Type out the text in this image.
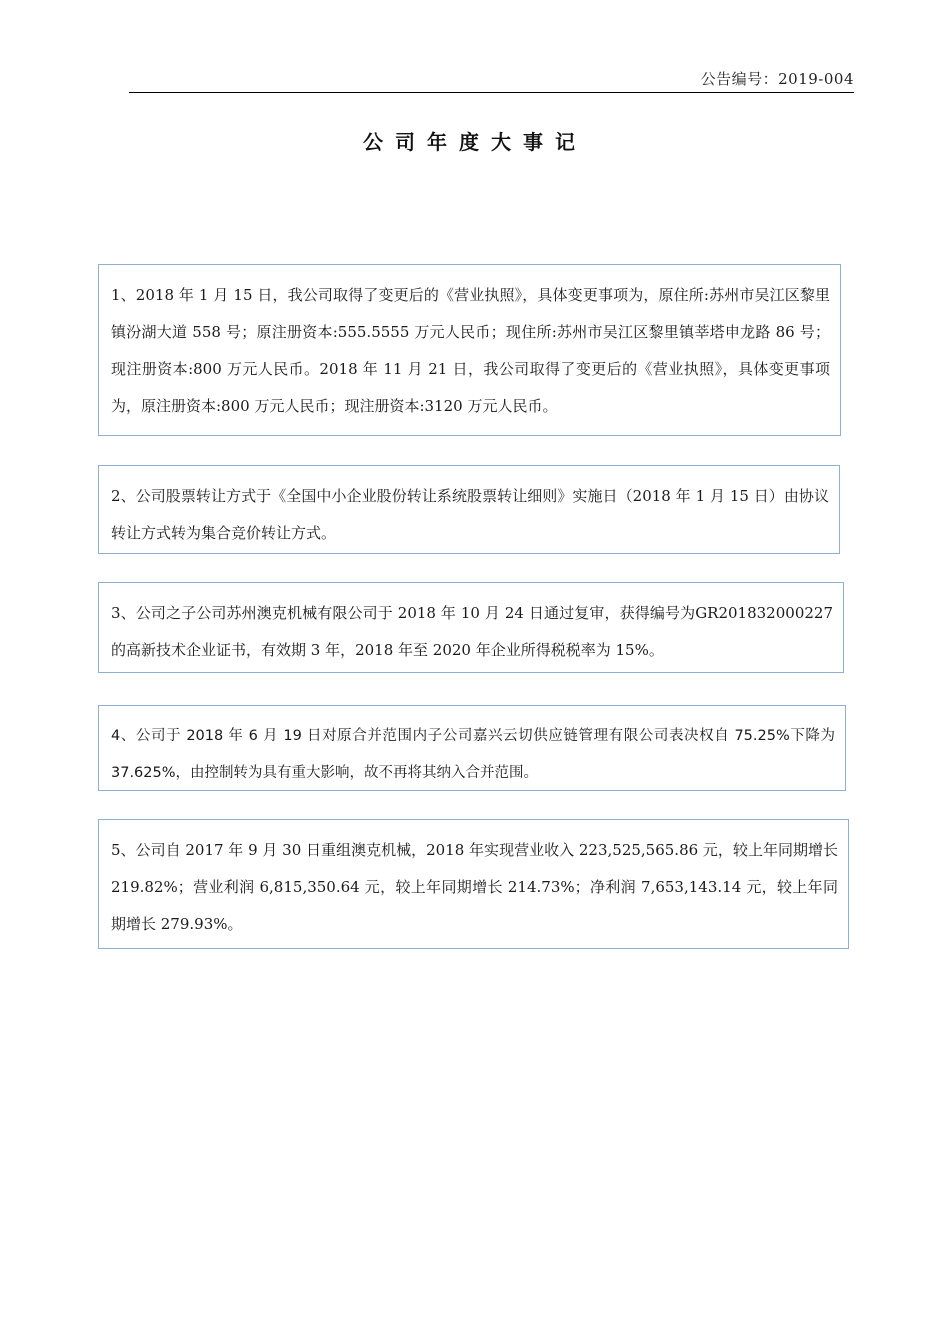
公告编号：2019-004
公司年度大事记

1、2018 年 1 月 15 日，我公司取得了变更后的《营业执照》，具体变更事项为，原住所:苏州市吴江区黎里镇汾湖大道 558 号；原注册资本:555.5555 万元人民币；现住所:苏州市吴江区黎里镇莘塔申龙路 86 号；现注册资本:800 万元人民币。2018 年 11 月 21 日，我公司取得了变更后的《营业执照》，具体变更事项为，原注册资本:800 万元人民币；现注册资本:3120 万元人民币。

2、公司股票转让方式于《全国中小企业股份转让系统股票转让细则》实施日（2018 年 1 月 15 日）由协议转让方式转为集合竞价转让方式。

3、公司之子公司苏州澳克机械有限公司于 2018 年 10 月 24 日通过复审，获得编号为GR201832000227 的高新技术企业证书，有效期 3 年，2018 年至 2020 年企业所得税税率为 15%。

4、公司于 2018 年 6 月 19 日对原合并范围内子公司嘉兴云切供应链管理有限公司表决权自 75.25%下降为 37.625%，由控制转为具有重大影响，故不再将其纳入合并范围。

5、公司自 2017 年 9 月 30 日重组澳克机械，2018 年实现营业收入 223,525,565.86 元，较上年同期增长 219.82%；营业利润 6,815,350.64 元，较上年同期增长 214.73%；净利润 7,653,143.14 元，较上年同期增长 279.93%。
